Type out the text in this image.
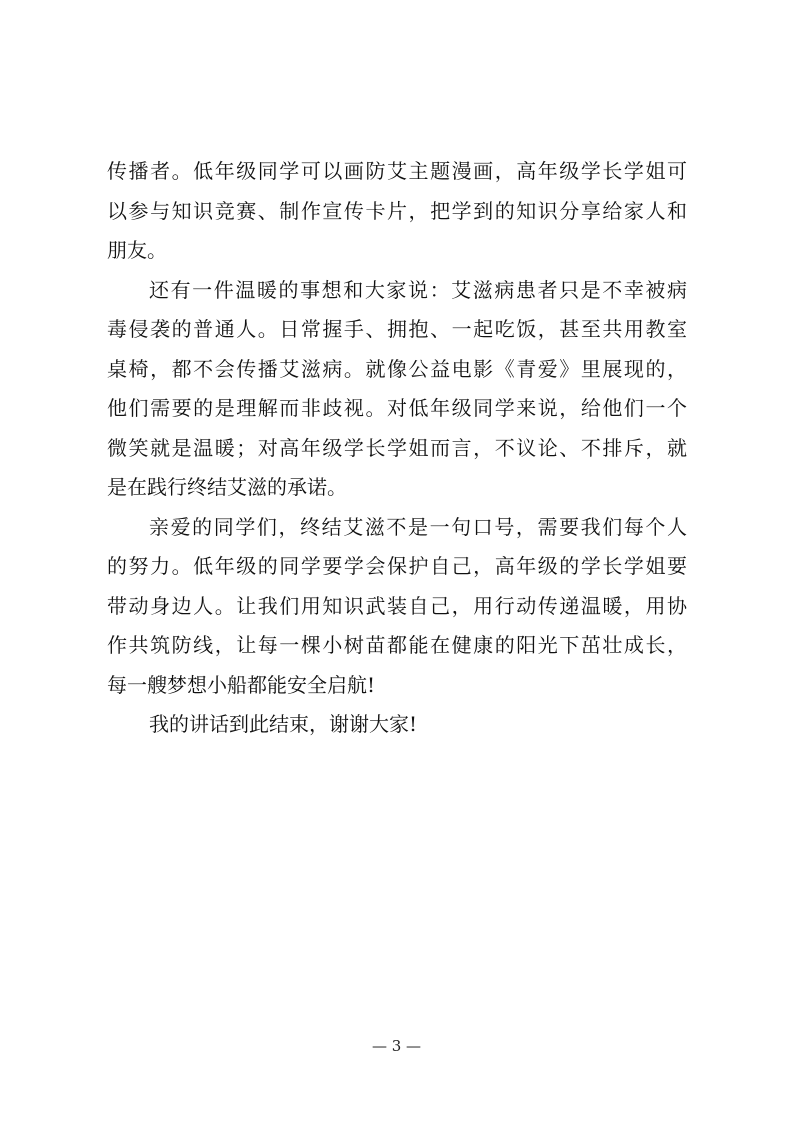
传播者。低年级同学可以画防艾主题漫画，高年级学长学姐可
以参与知识竞赛、制作宣传卡片，把学到的知识分享给家人和
朋友。
还有一件温暖的事想和大家说：艾滋病患者只是不幸被病
毒侵袭的普通人。日常握手、拥抱、一起吃饭，甚至共用教室
桌椅，都不会传播艾滋病。就像公益电影《青爱》里展现的，
他们需要的是理解而非歧视。对低年级同学来说，给他们一个
微笑就是温暖；对高年级学长学姐而言，不议论、不排斥，就
是在践行终结艾滋的承诺。
亲爱的同学们，终结艾滋不是一句口号，需要我们每个人
的努力。低年级的同学要学会保护自己，高年级的学长学姐要
带动身边人。让我们用知识武装自己，用行动传递温暖，用协
作共筑防线，让每一棵小树苗都能在健康的阳光下茁壮成长，
每一艘梦想小船都能安全启航!
我的讲话到此结束，谢谢大家!
— 3 —
